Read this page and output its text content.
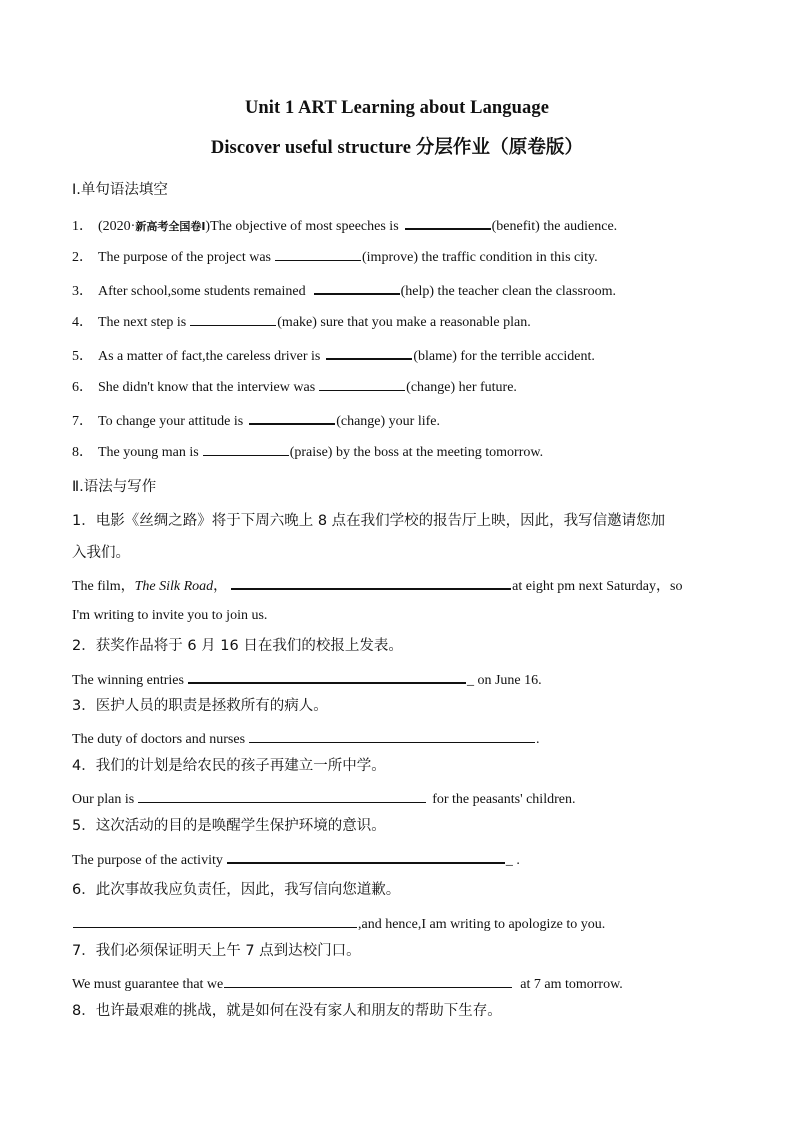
Unit 1 ART Learning about Language
Discover useful structure 分层作业（原卷版）
Ⅰ.单句语法填空
1． (2020· 新高考全国卷Ⅰ )The objective of most speeches is	(benefit) the audience.
2． The purpose of the project was	(improve) the traffic condition in this city.
3． After school,some students remained	(help) the teacher clean the classroom.
4． The next step is	(make) sure that you make a reasonable plan.
5． As a matter of fact,the careless driver is	(blame) for the terrible accident.
6． She didn't know that the interview was	(change) her future.
7． To change your attitude is	(change) your life.
8． The young man is	(praise) by the boss at the meeting tomorrow.
Ⅱ.语法与写作
1．电影《丝绸之路》将于下周六晚上 8 点在我们学校的报告厅上映，因此，我写信邀请您加
入我们。
The film， The Silk Road ，	at eight pm next Saturday，so
I'm writing to invite you to join us.
2．获奖作品将于 6 月 16 日在我们的校报上发表。
The winning entries	_ on June 16.
3．医护人员的职责是拯救所有的病人。
The duty of doctors and nurses	.
4．我们的计划是给农民的孩子再建立一所中学。
Our plan is	for the peasants' children.
5．这次活动的目的是唤醒学生保护环境的意识。
The purpose of the activity	_ .
6．此次事故我应负责任，因此，我写信向您道歉。
,and hence,I am writing to apologize to you.
7．我们必须保证明天上午 7 点到达校门口。
We must guarantee that we	at 7 am tomorrow.
8．也许最艰难的挑战，就是如何在没有家人和朋友的帮助下生存。
